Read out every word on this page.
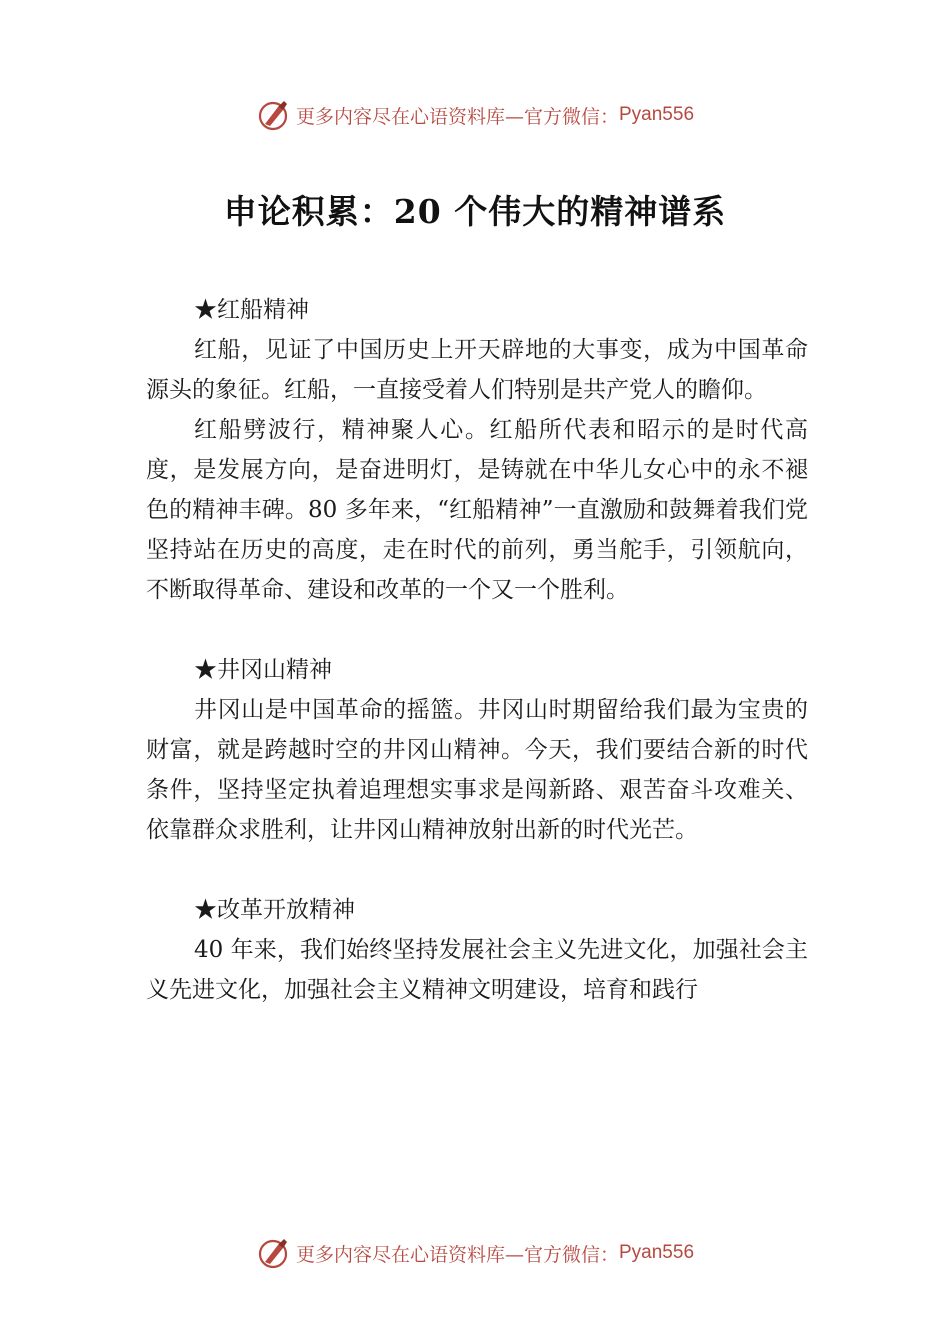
更多内容尽在心语资料库—官方微信： Pyan556
申论积累：20 个伟大的精神谱系

★红船精神

红船，见证了中国历史上开天辟地的大事变，成为中国革命源头的象征。红船，一直接受着人们特别是共产党人的瞻仰。

红船劈波行，精神聚人心。红船所代表和昭示的是时代高度，是发展方向，是奋进明灯，是铸就在中华儿女心中的永不褪色的精神丰碑。80 多年来，“红船精神”一直激励和鼓舞着我们党坚持站在历史的高度，走在时代的前列，勇当舵手，引领航向，不断取得革命、建设和改革的一个又一个胜利。

★井冈山精神

井冈山是中国革命的摇篮。井冈山时期留给我们最为宝贵的财富，就是跨越时空的井冈山精神。今天，我们要结合新的时代条件，坚持坚定执着追理想实事求是闯新路、艰苦奋斗攻难关、依靠群众求胜利，让井冈山精神放射出新的时代光芒。

★改革开放精神

40 年来，我们始终坚持发展社会主义先进文化，加强社会主义先进文化，加强社会主义精神文明建设，培育和践行

更多内容尽在心语资料库—官方微信： Pyan556
